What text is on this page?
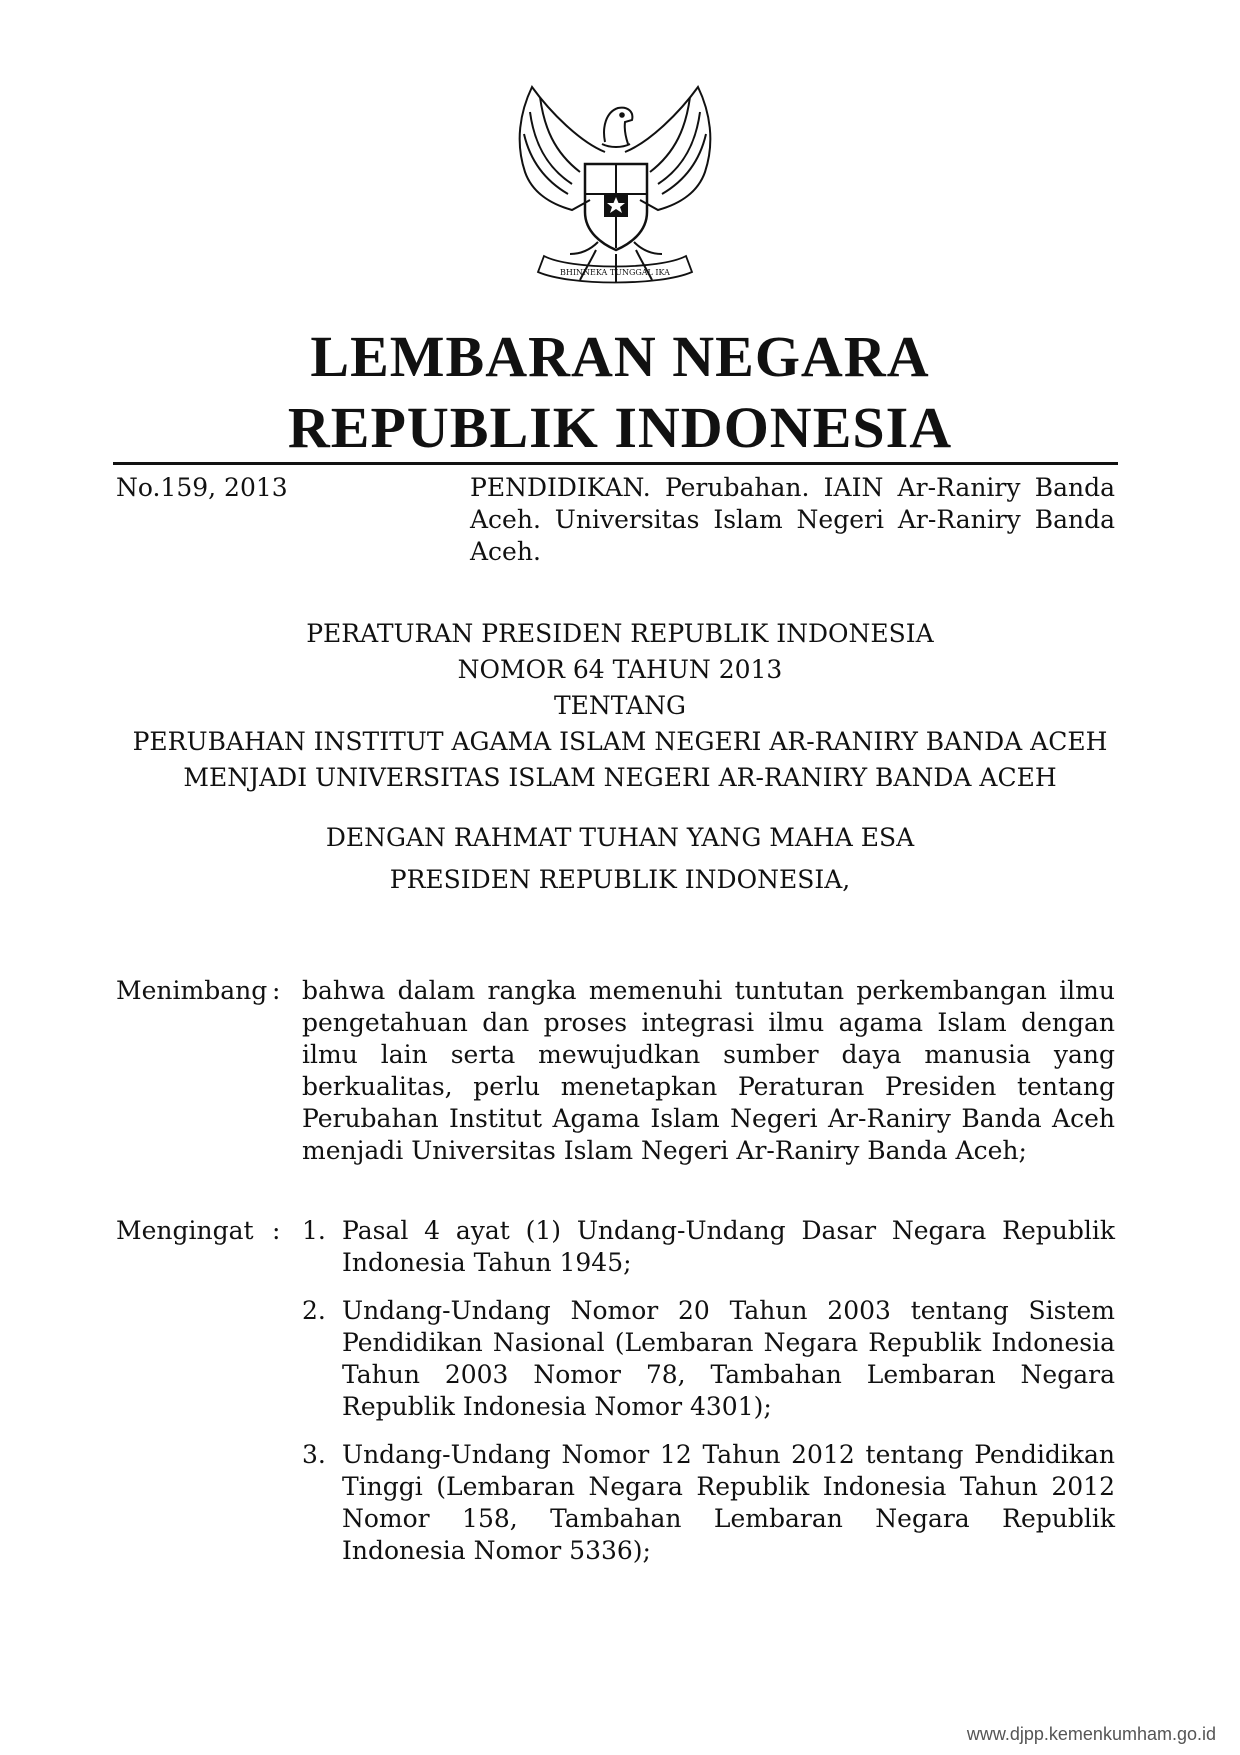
BHINNEKA TUNGGAL IKA
LEMBARAN NEGARA
REPUBLIK INDONESIA
No.159, 2013	PENDIDIKAN. Perubahan. IAIN Ar-Raniry Banda Aceh. Universitas Islam Negeri Ar-Raniry Banda Aceh.
PERATURAN PRESIDEN REPUBLIK INDONESIA
NOMOR 64 TAHUN 2013
TENTANG
PERUBAHAN INSTITUT AGAMA ISLAM NEGERI AR-RANIRY BANDA ACEH
MENJADI UNIVERSITAS ISLAM NEGERI AR-RANIRY BANDA ACEH
DENGAN RAHMAT TUHAN YANG MAHA ESA
PRESIDEN REPUBLIK INDONESIA,
Menimbang : bahwa dalam rangka memenuhi tuntutan perkembangan ilmu pengetahuan dan proses integrasi ilmu agama Islam dengan ilmu lain serta mewujudkan sumber daya manusia yang berkualitas, perlu menetapkan Peraturan Presiden tentang Perubahan Institut Agama Islam Negeri Ar-Raniry Banda Aceh menjadi Universitas Islam Negeri Ar-Raniry Banda Aceh;
Mengingat : 1. Pasal 4 ayat (1) Undang-Undang Dasar Negara Republik Indonesia Tahun 1945;
2. Undang-Undang Nomor 20 Tahun 2003 tentang Sistem Pendidikan Nasional (Lembaran Negara Republik Indonesia Tahun 2003 Nomor 78, Tambahan Lembaran Negara Republik Indonesia Nomor 4301);
3. Undang-Undang Nomor 12 Tahun 2012 tentang Pendidikan Tinggi (Lembaran Negara Republik Indonesia Tahun 2012 Nomor 158, Tambahan Lembaran Negara Republik Indonesia Nomor 5336);
www.djpp.kemenkumham.go.id
